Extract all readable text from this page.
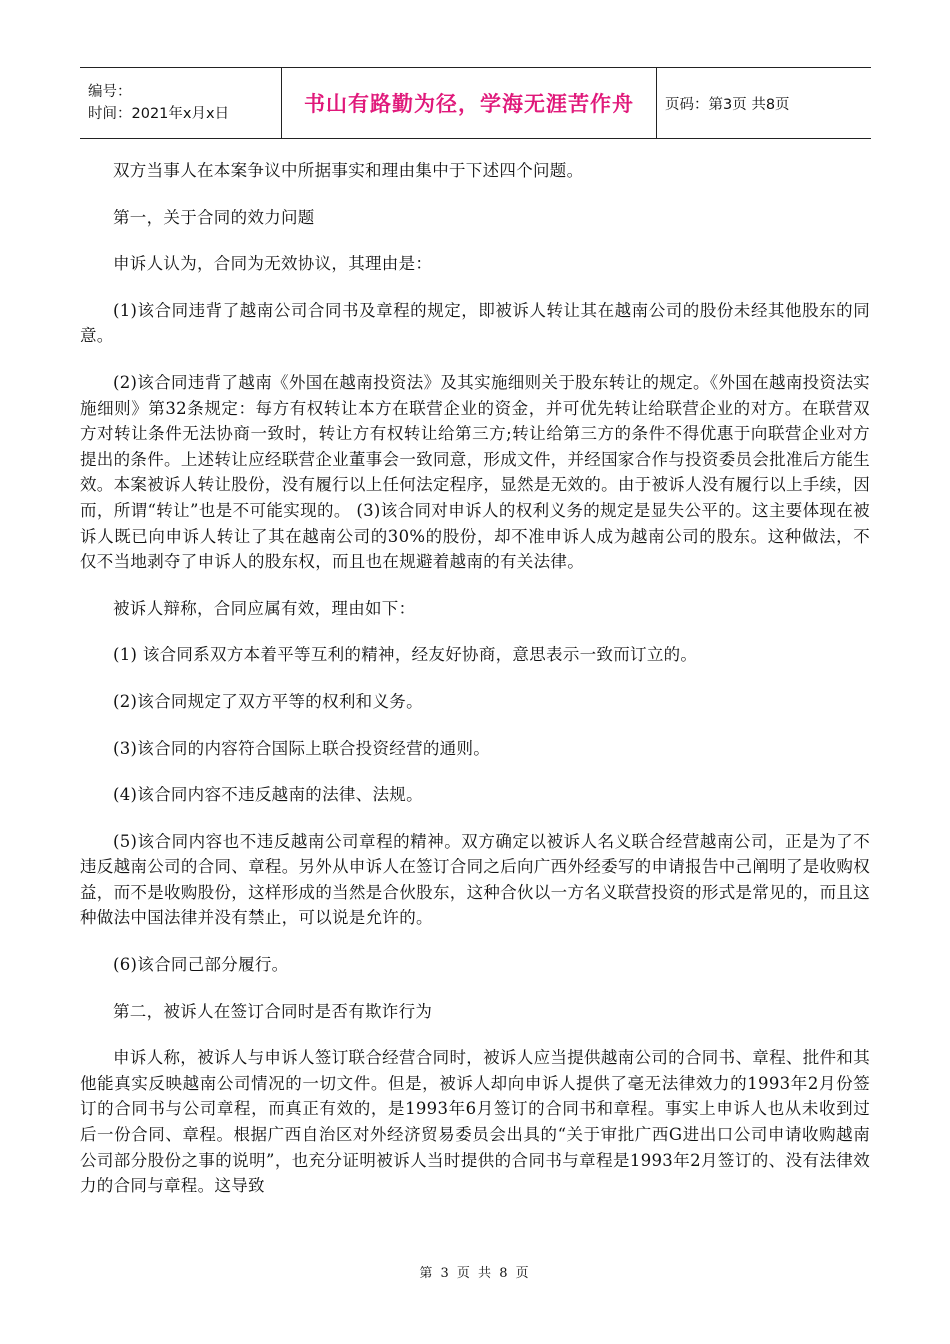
编号：
时间：2021年x月x日	书山有路勤为径，学海无涯苦作舟 页码：第3页 共8页

双方当事人在本案争议中所据事实和理由集中于下述四个问题。

第一，关于合同的效力问题

申诉人认为，合同为无效协议，其理由是：

(1)该合同违背了越南公司合同书及章程的规定，即被诉人转让其在越南公司的股份未经其他股东的同意。

(2)该合同违背了越南《外国在越南投资法》及其实施细则关于股东转让的规定。《外国在越南投资法实施细则》第32条规定：每方有权转让本方在联营企业的资金，并可优先转让给联营企业的对方。在联营双方对转让条件无法协商一致时，转让方有权转让给第三方;转让给第三方的条件不得优惠于向联营企业对方提出的条件。上述转让应经联营企业董事会一致同意，形成文件，并经国家合作与投资委员会批准后方能生效。本案被诉人转让股份，没有履行以上任何法定程序，显然是无效的。由于被诉人没有履行以上手续，因而，所谓“转让”也是不可能实现的。 (3)该合同对申诉人的权利义务的规定是显失公平的。这主要体现在被诉人既已向申诉人转让了其在越南公司的30%的股份，却不准申诉人成为越南公司的股东。这种做法，不仅不当地剥夺了申诉人的股东权，而且也在规避着越南的有关法律。

被诉人辩称，合同应属有效，理由如下：

(1) 该合同系双方本着平等互利的精神，经友好协商，意思表示一致而订立的。

(2)该合同规定了双方平等的权利和义务。

(3)该合同的内容符合国际上联合投资经营的通则。

(4)该合同内容不违反越南的法律、法规。

(5)该合同内容也不违反越南公司章程的精神。双方确定以被诉人名义联合经营越南公司，正是为了不违反越南公司的合同、章程。另外从申诉人在签订合同之后向广西外经委写的申请报告中己阐明了是收购权益，而不是收购股份，这样形成的当然是合伙股东，这种合伙以一方名义联营投资的形式是常见的，而且这种做法中国法律并没有禁止，可以说是允许的。

(6)该合同己部分履行。

第二，被诉人在签订合同时是否有欺诈行为

申诉人称，被诉人与申诉人签订联合经营合同时，被诉人应当提供越南公司的合同书、章程、批件和其他能真实反映越南公司情况的一切文件。但是，被诉人却向申诉人提供了毫无法律效力的1993年2月份签订的合同书与公司章程，而真正有效的，是1993年6月签订的合同书和章程。事实上申诉人也从未收到过后一份合同、章程。根据广西自治区对外经济贸易委员会出具的“关于审批广西G进出口公司申请收购越南公司部分股份之事的说明”，也充分证明被诉人当时提供的合同书与章程是1993年2月签订的、没有法律效力的合同与章程。这导致

第 3 页 共 8 页
